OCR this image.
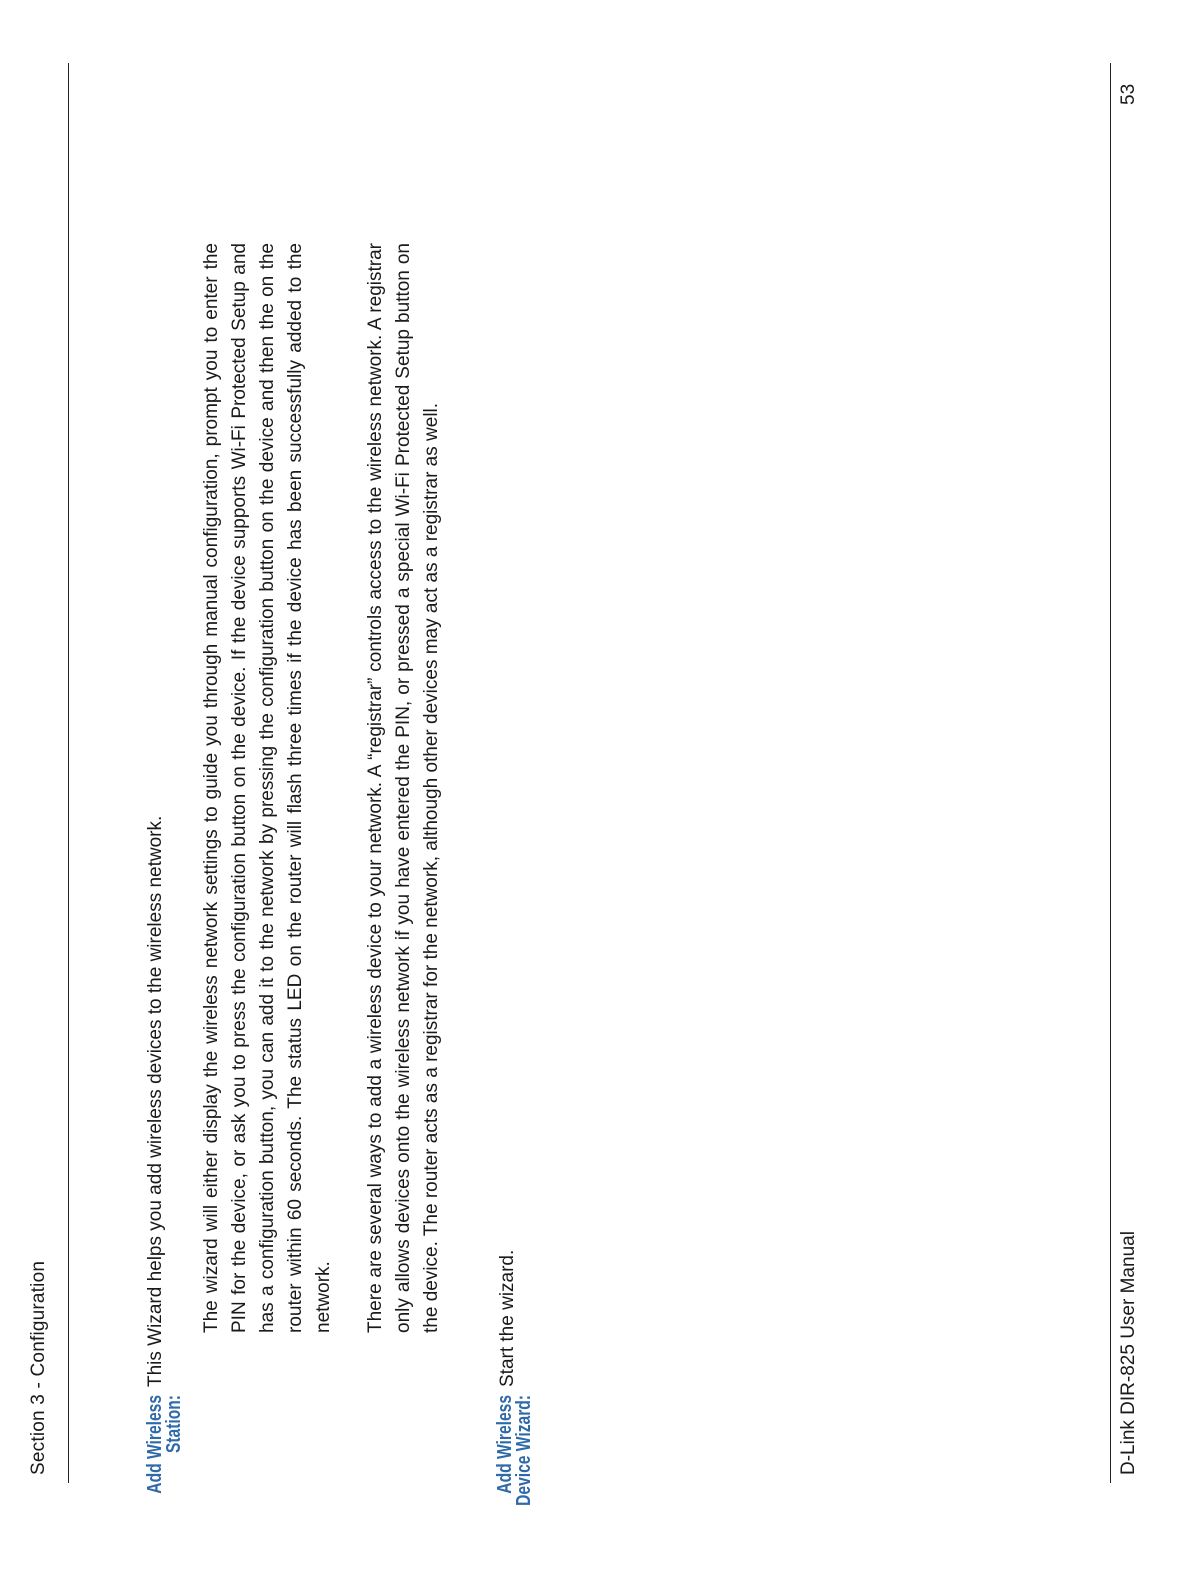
Section 3 - Configuration	Add Wireless
Station:
This Wizard helps you add wireless devices to the wireless network. The wizard will either display the wireless network settings to guide you through manual configuration, prompt you to enter the PIN for the device, or ask you to press the configuration button on the device. If the device supports Wi-Fi Protected Setup and has a configuration button, you can add it to the network by pressing the configuration button on the device and then the on the router within 60 seconds. The status LED on the router will flash three times if the device has been successfully added to the network. There are several ways to add a wireless device to your network. A “registrar” controls access to the wireless network. A registrar only allows devices onto the wireless network if you have entered the PIN, or pressed a special Wi-Fi Protected Setup button on the device. The router acts as a registrar for the network, although other devices may act as a registrar as well.
Add Wireless
Device Wizard:
Start the wizard.	D-Link DIR-825 User Manual
53
